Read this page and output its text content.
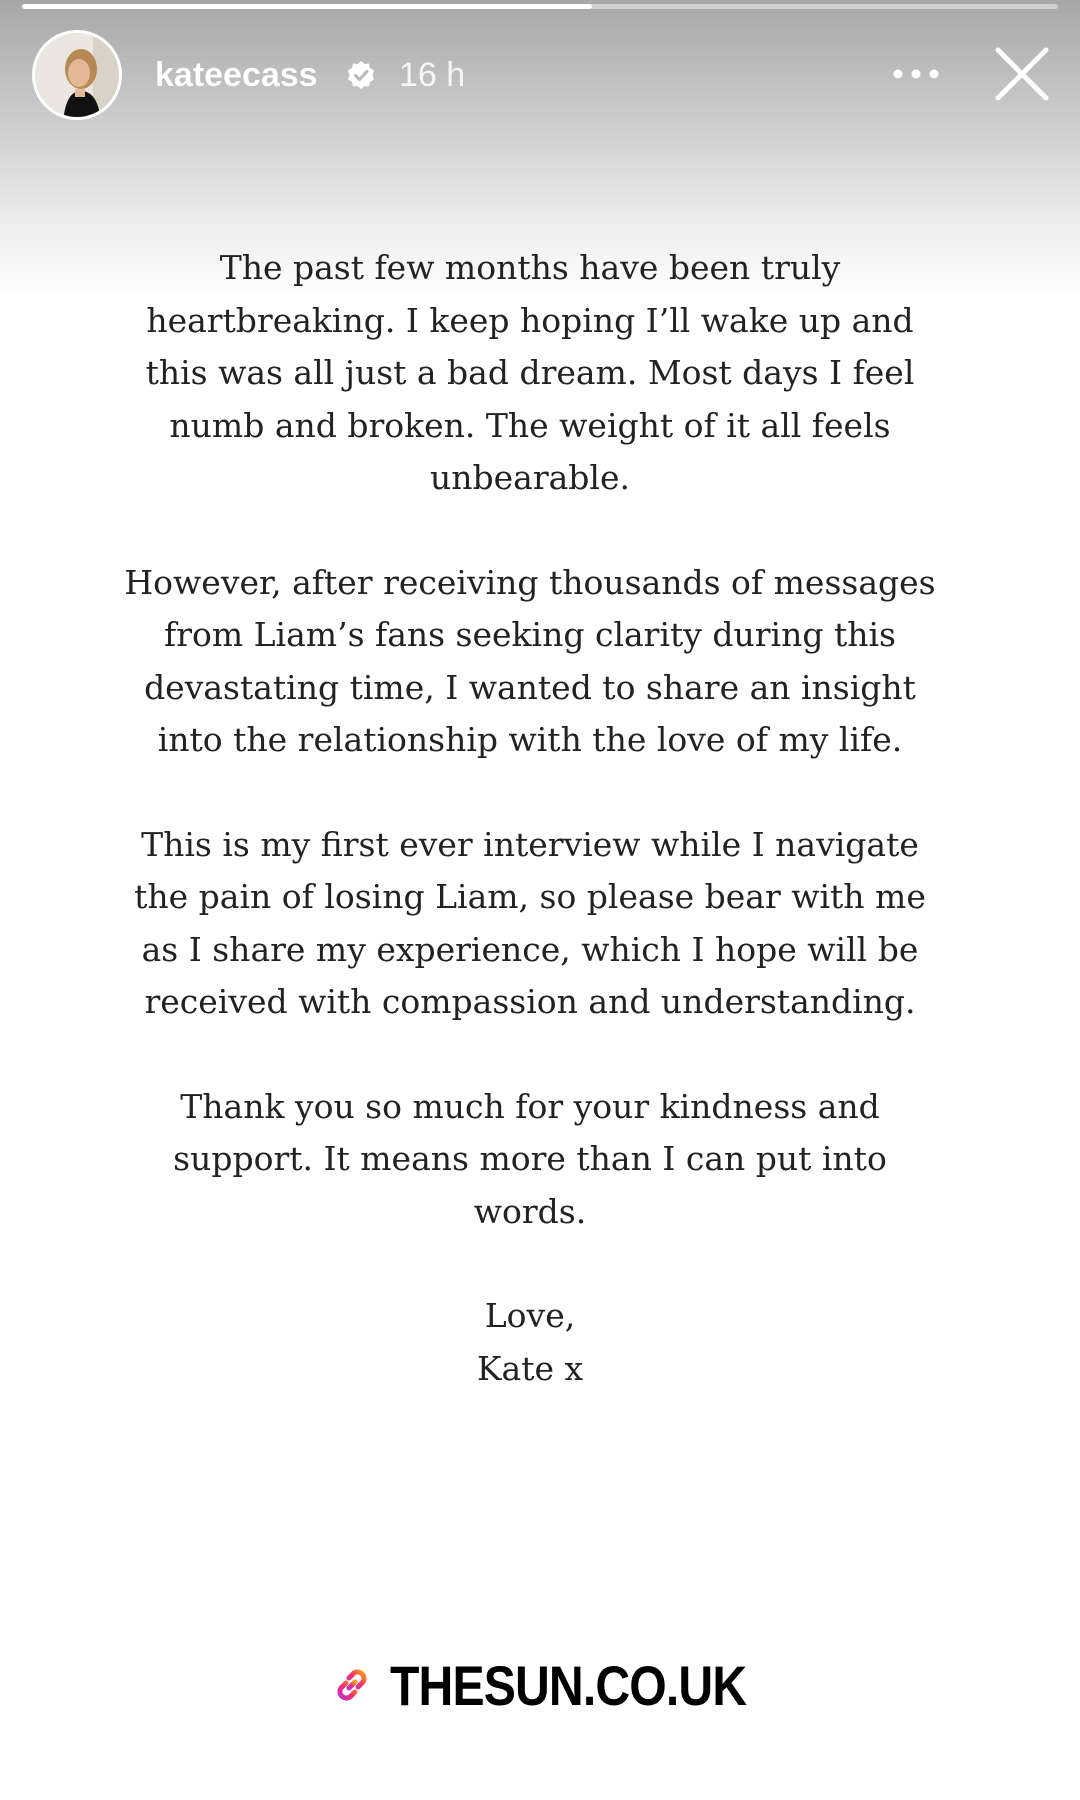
kateecass 16 h

The past few months have been truly heartbreaking. I keep hoping I’ll wake up and this was all just a bad dream. Most days I feel numb and broken. The weight of it all feels unbearable.

However, after receiving thousands of messages from Liam’s fans seeking clarity during this devastating time, I wanted to share an insight into the relationship with the love of my life.

This is my first ever interview while I navigate the pain of losing Liam, so please bear with me as I share my experience, which I hope will be received with compassion and understanding.

Thank you so much for your kindness and support. It means more than I can put into words.

Love,
Kate x
THESUN.CO.UK
